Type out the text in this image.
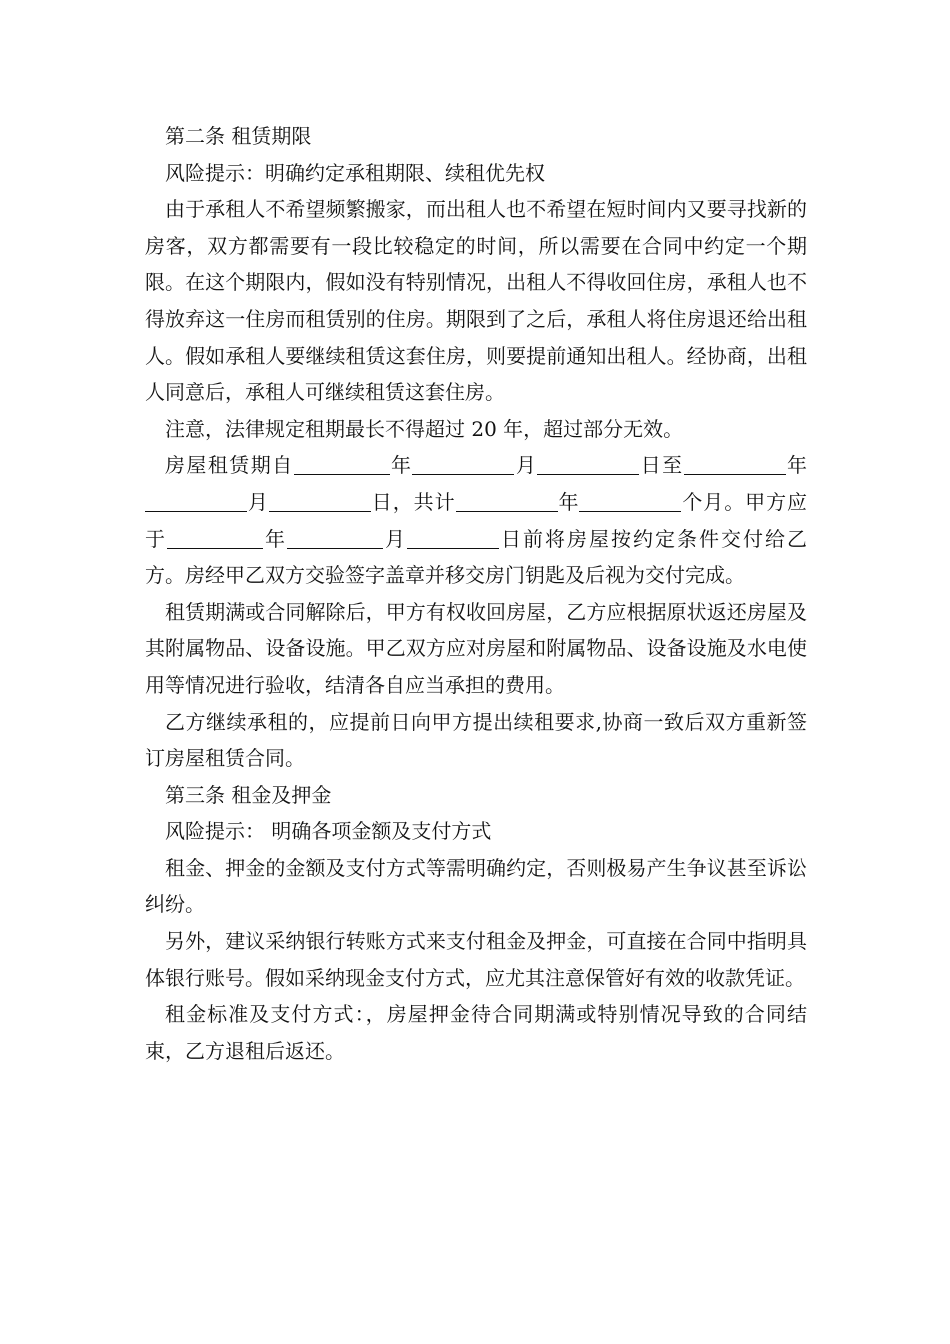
第二条 租赁期限

风险提示：明确约定承租期限、续租优先权

由于承租人不希望频繁搬家，而出租人也不希望在短时间内又要寻找新的房客，双方都需要有一段比较稳定的时间，所以需要在合同中约定一个期限。在这个期限内，假如没有特别情况，出租人不得收回住房，承租人也不得放弃这一住房而租赁别的住房。期限到了之后，承租人将住房退还给出租人。假如承租人要继续租赁这套住房，则要提前通知出租人。经协商，出租人同意后，承租人可继续租赁这套住房。

注意，法律规定租期最长不得超过 20 年，超过部分无效。

房屋租赁期自	年	月	日至	年月	日，共计	年	个月。甲方应于	年	月	日前将房屋按约定条件交付给乙方。房经甲乙双方交验签字盖章并移交房门钥匙及后视为交付完成。

租赁期满或合同解除后，甲方有权收回房屋，乙方应根据原状返还房屋及其附属物品、设备设施。甲乙双方应对房屋和附属物品、设备设施及水电使用等情况进行验收，结清各自应当承担的费用。

乙方继续承租的，应提前日向甲方提出续租要求,协商一致后双方重新签订房屋租赁合同。

第三条 租金及押金

风险提示： 明确各项金额及支付方式

租金、押金的金额及支付方式等需明确约定，否则极易产生争议甚至诉讼纠纷。

另外，建议采纳银行转账方式来支付租金及押金，可直接在合同中指明具体银行账号。假如采纳现金支付方式，应尤其注意保管好有效的收款凭证。

租金标准及支付方式：，房屋押金待合同期满或特别情况导致的合同结束，乙方退租后返还。
